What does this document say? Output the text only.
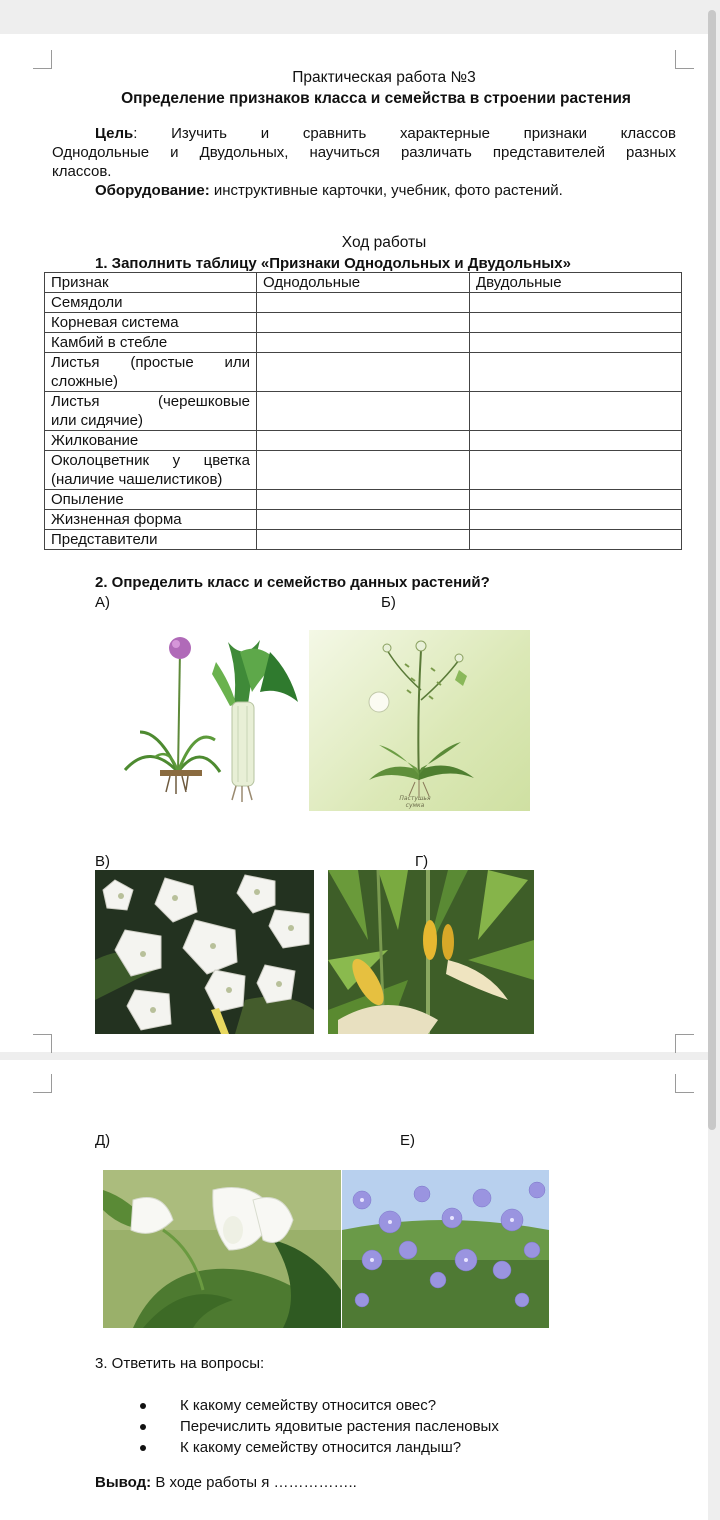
Практическая работа №3
Определение признаков класса и семейства в строении растения
Цель: Изучить и сравнить характерные признаки классов
Однодольные и Двудольных, научиться различать представителей разных
классов.
Оборудование: инструктивные карточки, учебник, фото растений.
Ход работы
1. Заполнить таблицу «Признаки Однодольных и Двудольных»
Признак	Однодольные	Двудольные
Семядоли		
Корневая система		
Камбий в стебле		

Листья (простые или
сложные)		

Листья (черешковые
или сидячие)		
Жилкование		

Околоцветник у цветка
(наличие чашелистиков)		
Опыление		
Жизненная форма		
Представители		
2. Определить класс и семейство данных растений?
А)	Б)
Пастушья
сумка
В)	Г)
Д)	Е)
3. Ответить на вопросы:
К какому семейству относится овес?
Перечислить ядовитые растения пасленовых
К какому семейству относится ландыш?
Вывод: В ходе работы я ……………..
